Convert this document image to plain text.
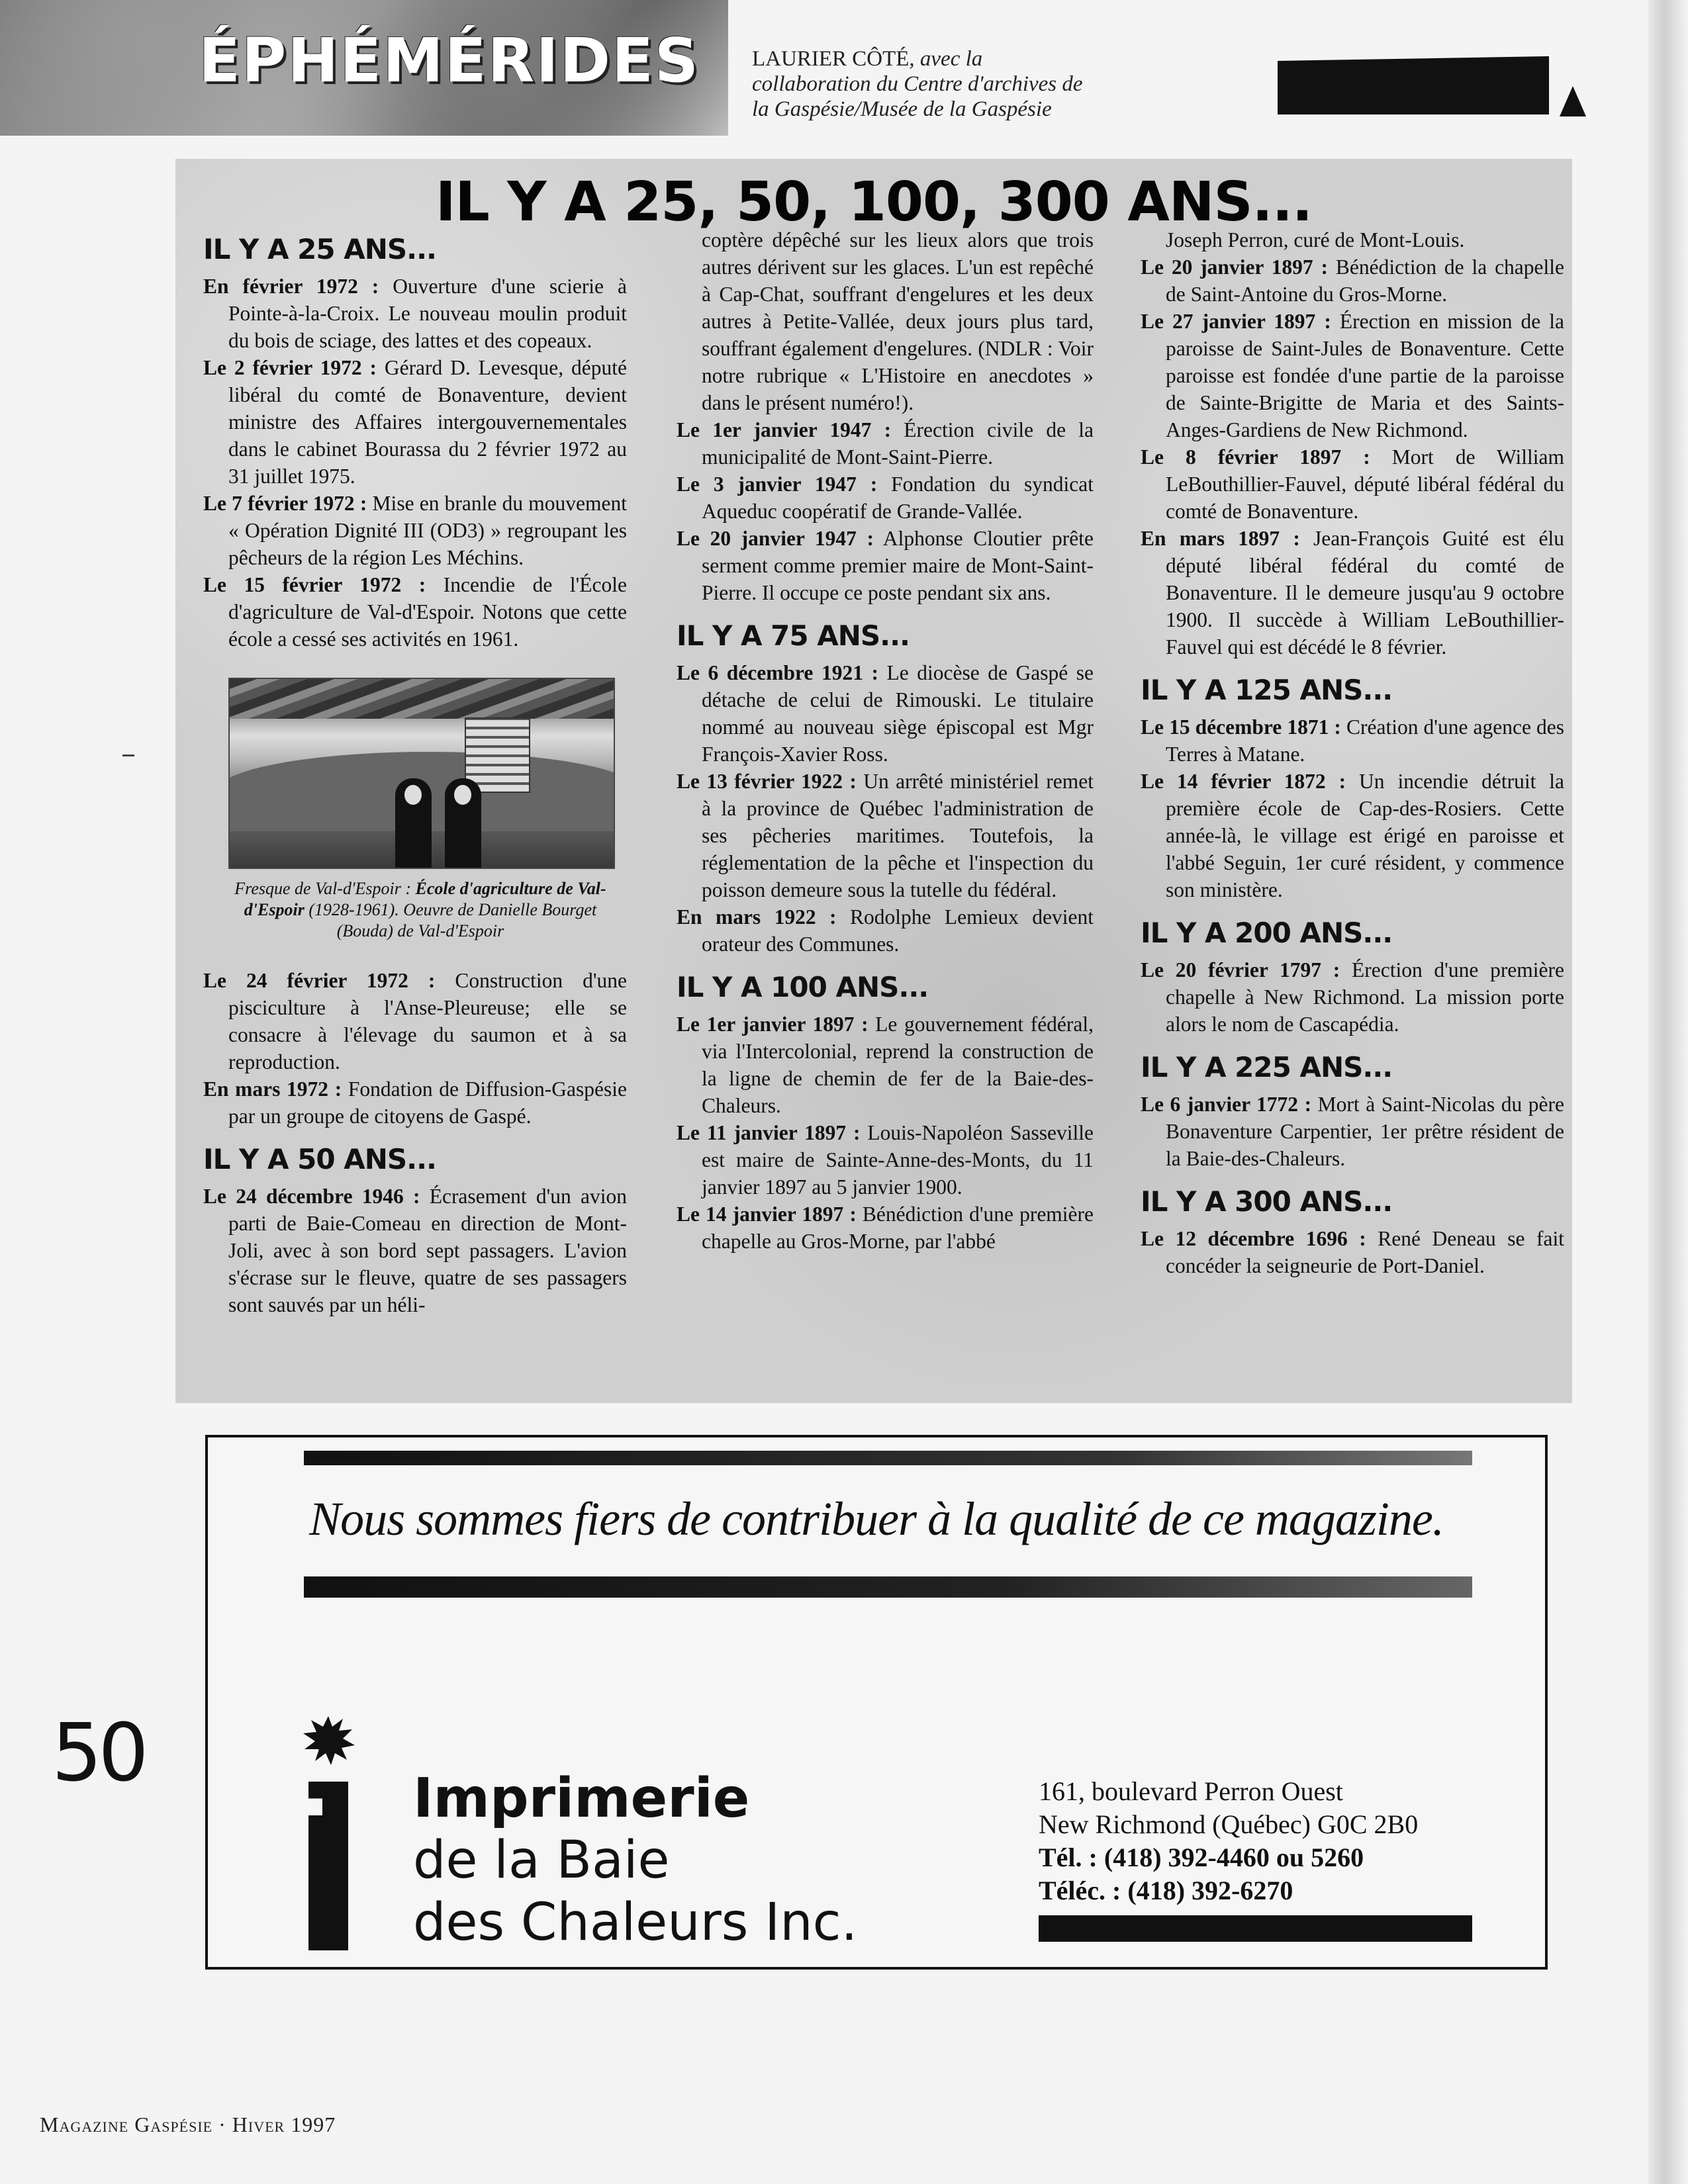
ÉPHÉMÉRIDES LAURIER CÔTÉ, avec la collaboration du Centre d'archives de la Gaspésie/Musée de la Gaspésie
IL Y A 25, 50, 100, 300 ANS...
IL Y A 25 ANS...

En février 1972 : Ouverture d'une scierie à Pointe-à-la-Croix. Le nouveau moulin produit du bois de sciage, des lattes et des copeaux.

Le 2 février 1972 : Gérard D. Levesque, député libéral du comté de Bonaventure, devient ministre des Affaires intergouvernementales dans le cabinet Bourassa du 2 février 1972 au 31 juillet 1975.

Le 7 février 1972 : Mise en branle du mouvement « Opération Dignité III (OD3) » regroupant les pêcheurs de la région Les Méchins.

Le 15 février 1972 : Incendie de l'École d'agriculture de Val-d'Espoir. Notons que cette école a cessé ses activités en 1961.

Fresque de Val-d'Espoir : École d'agriculture de Val-d'Espoir (1928-1961). Oeuvre de Danielle Bourget (Bouda) de Val-d'Espoir

Le 24 février 1972 : Construction d'une pisciculture à l'Anse-Pleureuse; elle se consacre à l'élevage du saumon et à sa reproduction.

En mars 1972 : Fondation de Diffusion-Gaspésie par un groupe de citoyens de Gaspé.

IL Y A 50 ANS...

Le 24 décembre 1946 : Écrasement d'un avion parti de Baie-Comeau en direction de Mont-Joli, avec à son bord sept passagers. L'avion s'écrase sur le fleuve, quatre de ses passagers sont sauvés par un héli-

coptère dépêché sur les lieux alors que trois autres dérivent sur les glaces. L'un est repêché à Cap-Chat, souffrant d'engelures et les deux autres à Petite-Vallée, deux jours plus tard, souffrant également d'engelures. (NDLR : Voir notre rubrique « L'Histoire en anecdotes » dans le présent numéro!).

Le 1er janvier 1947 : Érection civile de la municipalité de Mont-Saint-Pierre.

Le 3 janvier 1947 : Fondation du syndicat Aqueduc coopératif de Grande-Vallée.

Le 20 janvier 1947 : Alphonse Cloutier prête serment comme premier maire de Mont-Saint-Pierre. Il occupe ce poste pendant six ans.

IL Y A 75 ANS...

Le 6 décembre 1921 : Le diocèse de Gaspé se détache de celui de Rimouski. Le titulaire nommé au nouveau siège épiscopal est Mgr François-Xavier Ross.

Le 13 février 1922 : Un arrêté ministériel remet à la province de Québec l'administration de ses pêcheries maritimes. Toutefois, la réglementation de la pêche et l'inspection du poisson demeure sous la tutelle du fédéral.

En mars 1922 : Rodolphe Lemieux devient orateur des Communes.

IL Y A 100 ANS...

Le 1er janvier 1897 : Le gouvernement fédéral, via l'Intercolonial, reprend la construction de la ligne de chemin de fer de la Baie-des-Chaleurs.

Le 11 janvier 1897 : Louis-Napoléon Sasseville est maire de Sainte-Anne-des-Monts, du 11 janvier 1897 au 5 janvier 1900.

Le 14 janvier 1897 : Bénédiction d'une première chapelle au Gros-Morne, par l'abbé

Joseph Perron, curé de Mont-Louis.

Le 20 janvier 1897 : Bénédiction de la chapelle de Saint-Antoine du Gros-Morne.

Le 27 janvier 1897 : Érection en mission de la paroisse de Saint-Jules de Bonaventure. Cette paroisse est fondée d'une partie de la paroisse de Sainte-Brigitte de Maria et des Saints-Anges-Gardiens de New Richmond.

Le 8 février 1897 : Mort de William LeBouthillier-Fauvel, député libéral fédéral du comté de Bonaventure.

En mars 1897 : Jean-François Guité est élu député libéral fédéral du comté de Bonaventure. Il le demeure jusqu'au 9 octobre 1900. Il succède à William LeBouthillier-Fauvel qui est décédé le 8 février.

IL Y A 125 ANS...

Le 15 décembre 1871 : Création d'une agence des Terres à Matane.

Le 14 février 1872 : Un incendie détruit la première école de Cap-des-Rosiers. Cette année-là, le village est érigé en paroisse et l'abbé Seguin, 1er curé résident, y commence son ministère.

IL Y A 200 ANS...

Le 20 février 1797 : Érection d'une première chapelle à New Richmond. La mission porte alors le nom de Cascapédia.

IL Y A 225 ANS...

Le 6 janvier 1772 : Mort à Saint-Nicolas du père Bonaventure Carpentier, 1er prêtre résident de la Baie-des-Chaleurs.

IL Y A 300 ANS...

Le 12 décembre 1696 : René Deneau se fait concéder la seigneurie de Port-Daniel.

Nous sommes fiers de contribuer à la qualité de ce magazine.
Imprimerie
de la Baie
des Chaleurs Inc.
161, boulevard Perron Ouest
New Richmond (Québec) G0C 2B0
Tél. : (418) 392-4460 ou 5260
Téléc. : (418) 392-6270
50
Magazine Gaspésie · Hiver 1997
